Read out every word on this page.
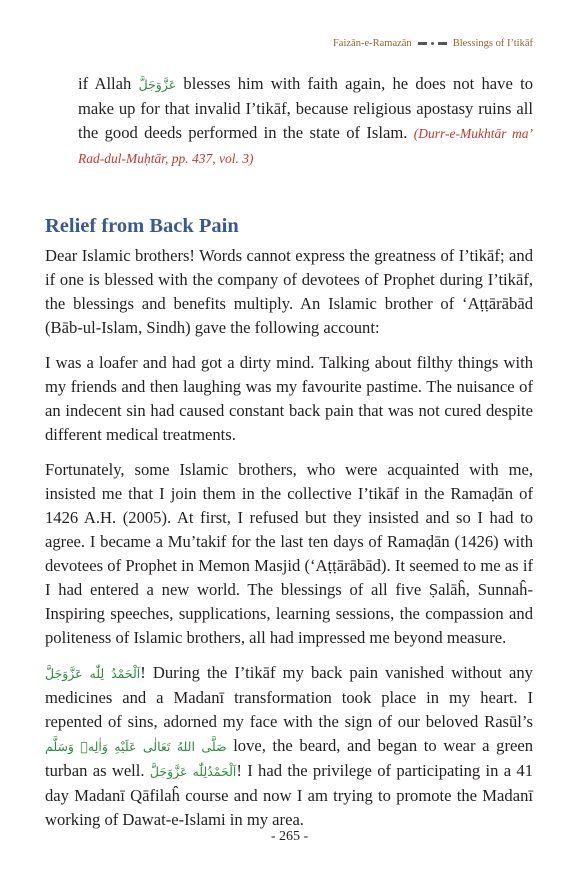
Faizān-e-Ramazān	Blessings of I’tikāf

if Allah عَزَّوَجَلَّ blesses him with faith again, he does not have to make up for that invalid I’tikāf, because religious apostasy ruins all the good deeds performed in the state of Islam. (Durr-e-Mukhtār ma’ Rad-dul-Muḥtār, pp. 437, vol. 3)

Relief from Back Pain

Dear Islamic brothers! Words cannot express the greatness of I’tikāf; and if one is blessed with the company of devotees of Prophet during I’tikāf, the blessings and benefits multiply. An Islamic brother of ‘Aṭṭārābād (Bāb-ul-Islam, Sindh) gave the following account:

I was a loafer and had got a dirty mind. Talking about filthy things with my friends and then laughing was my favourite pastime. The nuisance of an indecent sin had caused constant back pain that was not cured despite different medical treatments.

Fortunately, some Islamic brothers, who were acquainted with me, insisted me that I join them in the collective I’tikāf in the Ramaḍān of 1426 A.H. (2005). At first, I refused but they insisted and so I had to agree. I became a Mu’takif for the last ten days of Ramaḍān (1426) with devotees of Prophet in Memon Masjid (‘Aṭṭārābād). It seemed to me as if I had entered a new world. The blessings of all five Ṣalāĥ, Sunnaĥ-Inspiring speeches, supplications, learning sessions, the compassion and politeness of Islamic brothers, all had impressed me beyond measure.

اَلْحَمْدُ لِلّٰه عَزَّوَجَلَّ! During the I’tikāf my back pain vanished without any medicines and a Madanī transformation took place in my heart. I repented of sins, adorned my face with the sign of our beloved Rasūl’s صَلَّى اللهُ تَعَالٰى عَلَيْهِ وَاٰلِهٖ وَسَلَّم love, the beard, and began to wear a green turban as well. اَلْحَمْدُلِلّٰه عَزَّوَجَلَّ! I had the privilege of participating in a 41 day Madanī Qāfilaĥ course and now I am trying to promote the Madanī working of Dawat-e-Islami in my area.

- 265 -
